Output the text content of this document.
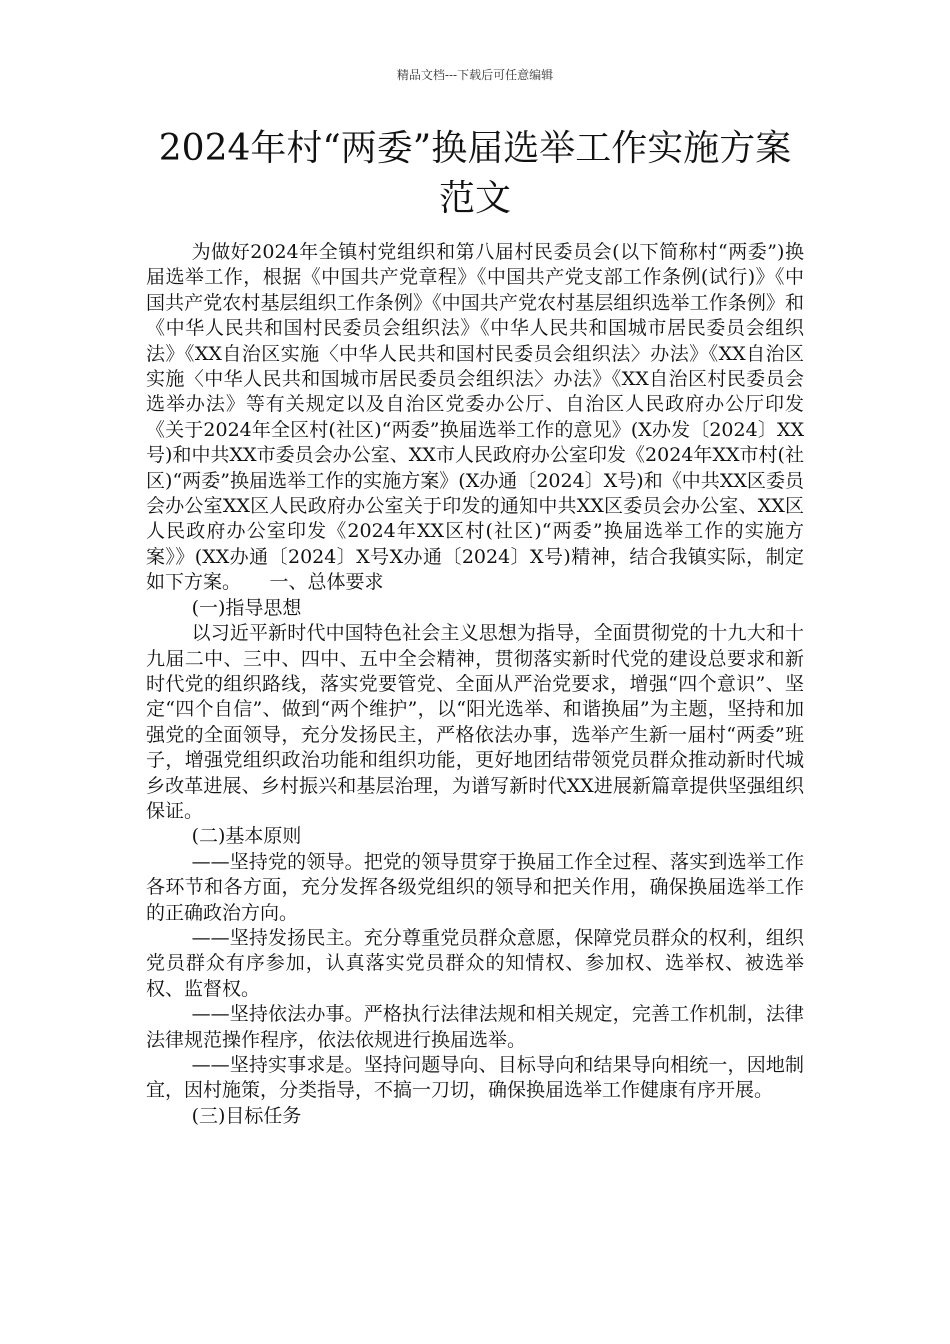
精品文档---下载后可任意编辑
2024年村“两委”换届选举工作实施方案
范文

为做好2024年全镇村党组织和第八届村民委员会(以下简称村“两委”)换届选举工作，根据《中国共产党章程》《中国共产党支部工作条例(试行)》《中国共产党农村基层组织工作条例》《中国共产党农村基层组织选举工作条例》和《中华人民共和国村民委员会组织法》《中华人民共和国城市居民委员会组织法》《XX自治区实施〈中华人民共和国村民委员会组织法〉办法》《XX自治区实施〈中华人民共和国城市居民委员会组织法〉办法》《XX自治区村民委员会选举办法》等有关规定以及自治区党委办公厅、自治区人民政府办公厅印发《关于2024年全区村(社区)“两委”换届选举工作的意见》(X办发〔2024〕XX号)和中共XX市委员会办公室、XX市人民政府办公室印发《2024年XX市村(社区)“两委”换届选举工作的实施方案》(X办通〔2024〕X号)和《中共XX区委员会办公室XX区人民政府办公室关于印发的通知中共XX区委员会办公室、XX区人民政府办公室印发《2024年XX区村(社区)“两委”换届选举工作的实施方案》》(XX办通〔2024〕X号X办通〔2024〕X号)精神，结合我镇实际，制定如下方案。　　一、总体要求

(一)指导思想

以习近平新时代中国特色社会主义思想为指导，全面贯彻党的十九大和十九届二中、三中、四中、五中全会精神，贯彻落实新时代党的建设总要求和新时代党的组织路线，落实党要管党、全面从严治党要求，增强“四个意识”、坚定“四个自信”、做到“两个维护”，以“阳光选举、和谐换届”为主题，坚持和加强党的全面领导，充分发扬民主，严格依法办事，选举产生新一届村“两委”班子，增强党组织政治功能和组织功能，更好地团结带领党员群众推动新时代城乡改革进展、乡村振兴和基层治理，为谱写新时代XX进展新篇章提供坚强组织保证。

(二)基本原则

——坚持党的领导。把党的领导贯穿于换届工作全过程、落实到选举工作各环节和各方面，充分发挥各级党组织的领导和把关作用，确保换届选举工作的正确政治方向。

——坚持发扬民主。充分尊重党员群众意愿，保障党员群众的权利，组织党员群众有序参加，认真落实党员群众的知情权、参加权、选举权、被选举权、监督权。

——坚持依法办事。严格执行法律法规和相关规定，完善工作机制，法律法律规范操作程序，依法依规进行换届选举。

——坚持实事求是。坚持问题导向、目标导向和结果导向相统一，因地制宜，因村施策，分类指导，不搞一刀切，确保换届选举工作健康有序开展。

(三)目标任务
